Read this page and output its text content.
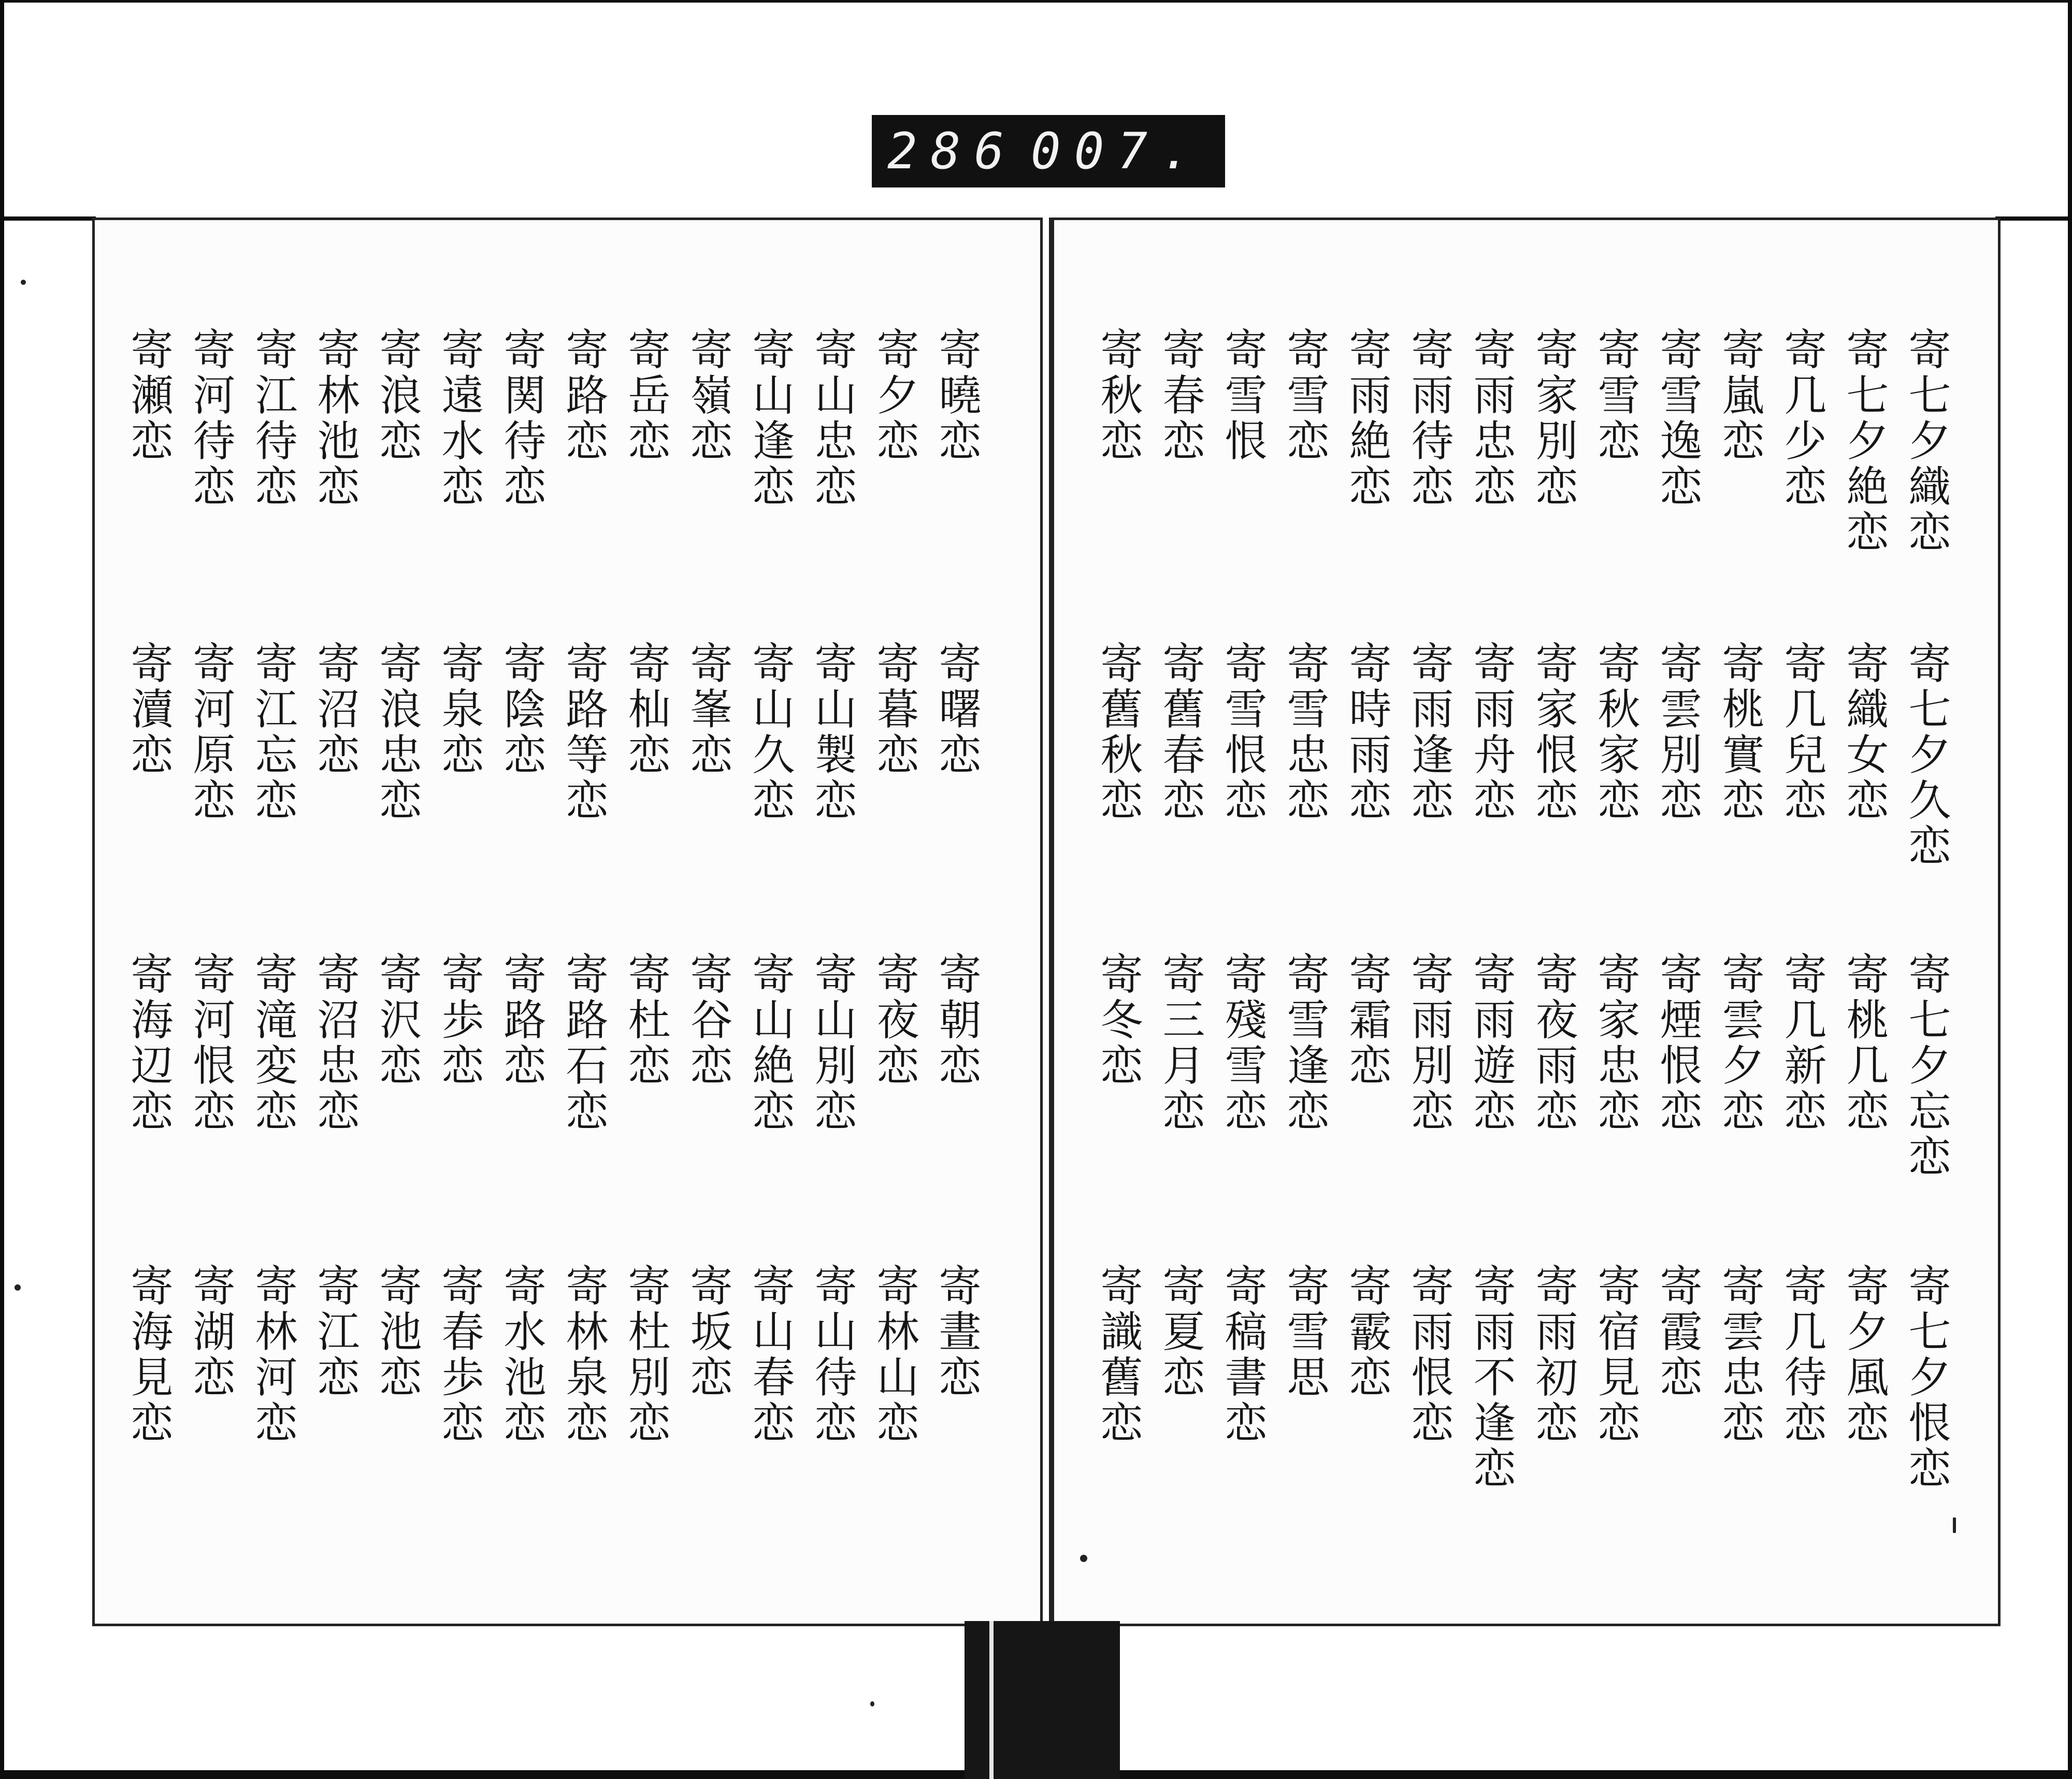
286 007.
寄七夕織恋
寄七夕絶恋
寄几少恋
寄嵐恋
寄雪逸恋
寄雪恋
寄家別恋
寄雨忠恋
寄雨待恋
寄雨絶恋
寄雪恋
寄雪恨
寄春恋
寄秋恋
寄七夕久恋
寄織女恋
寄几兒恋
寄桃實恋
寄雲別恋
寄秋家恋
寄家恨恋
寄雨舟恋
寄雨逢恋
寄時雨恋
寄雪忠恋
寄雪恨恋
寄舊春恋
寄舊秋恋
寄七夕忘恋
寄桃几恋
寄几新恋
寄雲夕恋
寄煙恨恋
寄家忠恋
寄夜雨恋
寄雨遊恋
寄雨別恋
寄霜恋
寄雪逢恋
寄殘雪恋
寄三月恋
寄冬恋
寄七夕恨恋
寄夕風恋
寄几待恋
寄雲忠恋
寄霞恋
寄宿見恋
寄雨初恋
寄雨不逢恋
寄雨恨恋
寄霰恋
寄雪思
寄稿書恋
寄夏恋
寄識舊恋
寄曉恋
寄夕恋
寄山忠恋
寄山逢恋
寄嶺恋
寄岳恋
寄路恋
寄関待恋
寄遠水恋
寄浪恋
寄林池恋
寄江待恋
寄河待恋
寄瀬恋
寄曙恋
寄暮恋
寄山製恋
寄山久恋
寄峯恋
寄杣恋
寄路等恋
寄陰恋
寄泉恋
寄浪忠恋
寄沼恋
寄江忘恋
寄河原恋
寄瀆恋
寄朝恋
寄夜恋
寄山別恋
寄山絶恋
寄谷恋
寄杜恋
寄路石恋
寄路恋
寄歩恋
寄沢恋
寄沼忠恋
寄滝変恋
寄河恨恋
寄海辺恋
寄晝恋
寄林山恋
寄山待恋
寄山春恋
寄坂恋
寄杜別恋
寄林泉恋
寄水池恋
寄春歩恋
寄池恋
寄江恋
寄林河恋
寄湖恋
寄海見恋
